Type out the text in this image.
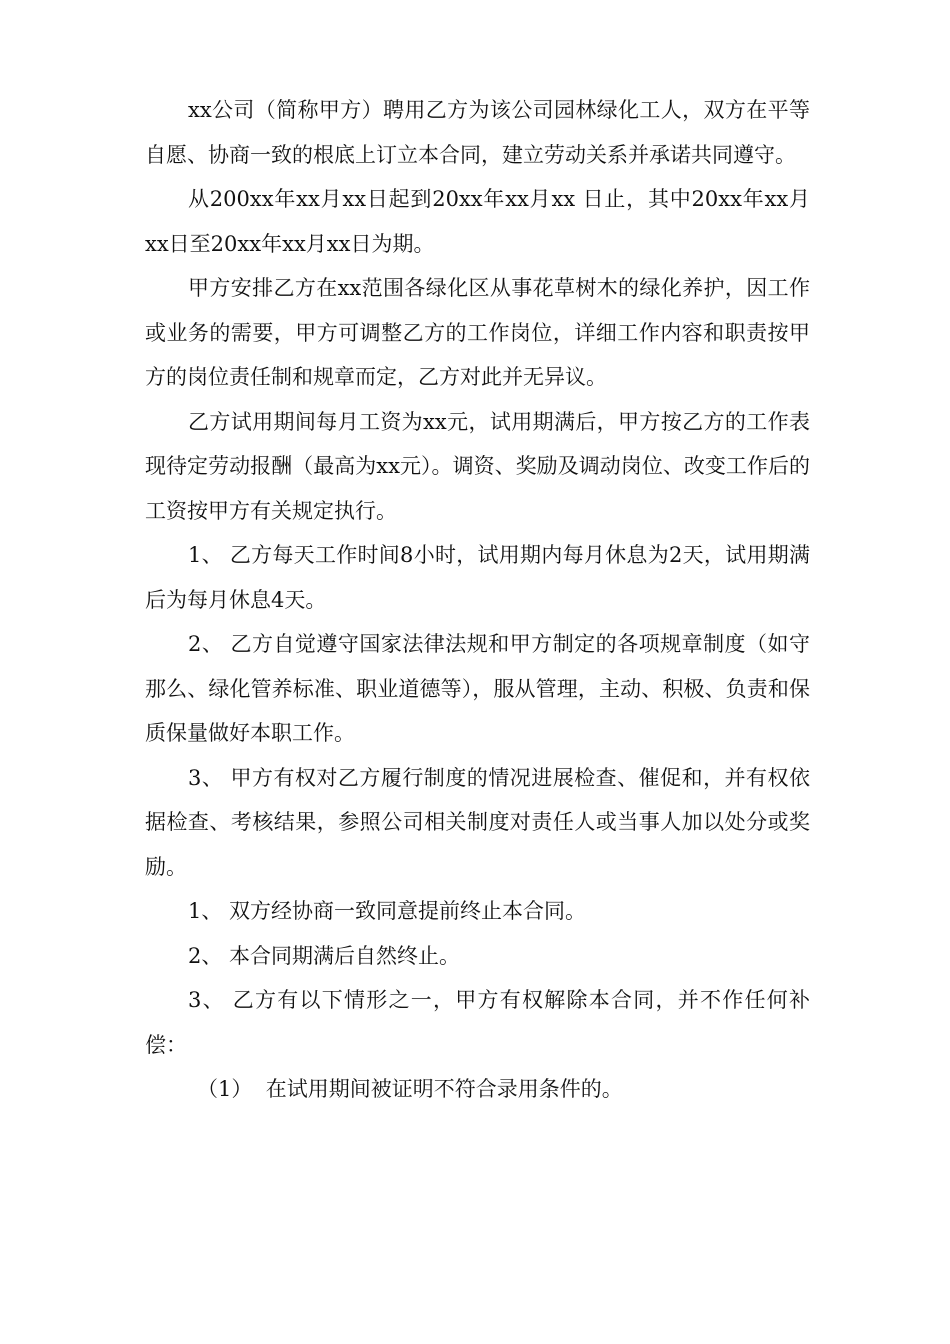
xx公司（简称甲方）聘用乙方为该公司园林绿化工人，双方在平等自愿、协商一致的根底上订立本合同，建立劳动关系并承诺共同遵守。

从200xx年xx月xx日起到20xx年xx月xx 日止，其中20xx年xx月xx日至20xx年xx月xx日为期。

甲方安排乙方在xx范围各绿化区从事花草树木的绿化养护，因工作或业务的需要，甲方可调整乙方的工作岗位，详细工作内容和职责按甲方的岗位责任制和规章而定，乙方对此并无异议。

乙方试用期间每月工资为xx元，试用期满后，甲方按乙方的工作表现待定劳动报酬（最高为xx元）。调资、奖励及调动岗位、改变工作后的工资按甲方有关规定执行。

1、 乙方每天工作时间8小时，试用期内每月休息为2天，试用期满后为每月休息4天。

2、 乙方自觉遵守国家法律法规和甲方制定的各项规章制度（如守那么、绿化管养标准、职业道德等），服从管理，主动、积极、负责和保质保量做好本职工作。

3、 甲方有权对乙方履行制度的情况进展检查、催促和，并有权依据检查、考核结果，参照公司相关制度对责任人或当事人加以处分或奖励。

1、 双方经协商一致同意提前终止本合同。

2、 本合同期满后自然终止。

3、 乙方有以下情形之一，甲方有权解除本合同，并不作任何补偿：

（1）  在试用期间被证明不符合录用条件的。
